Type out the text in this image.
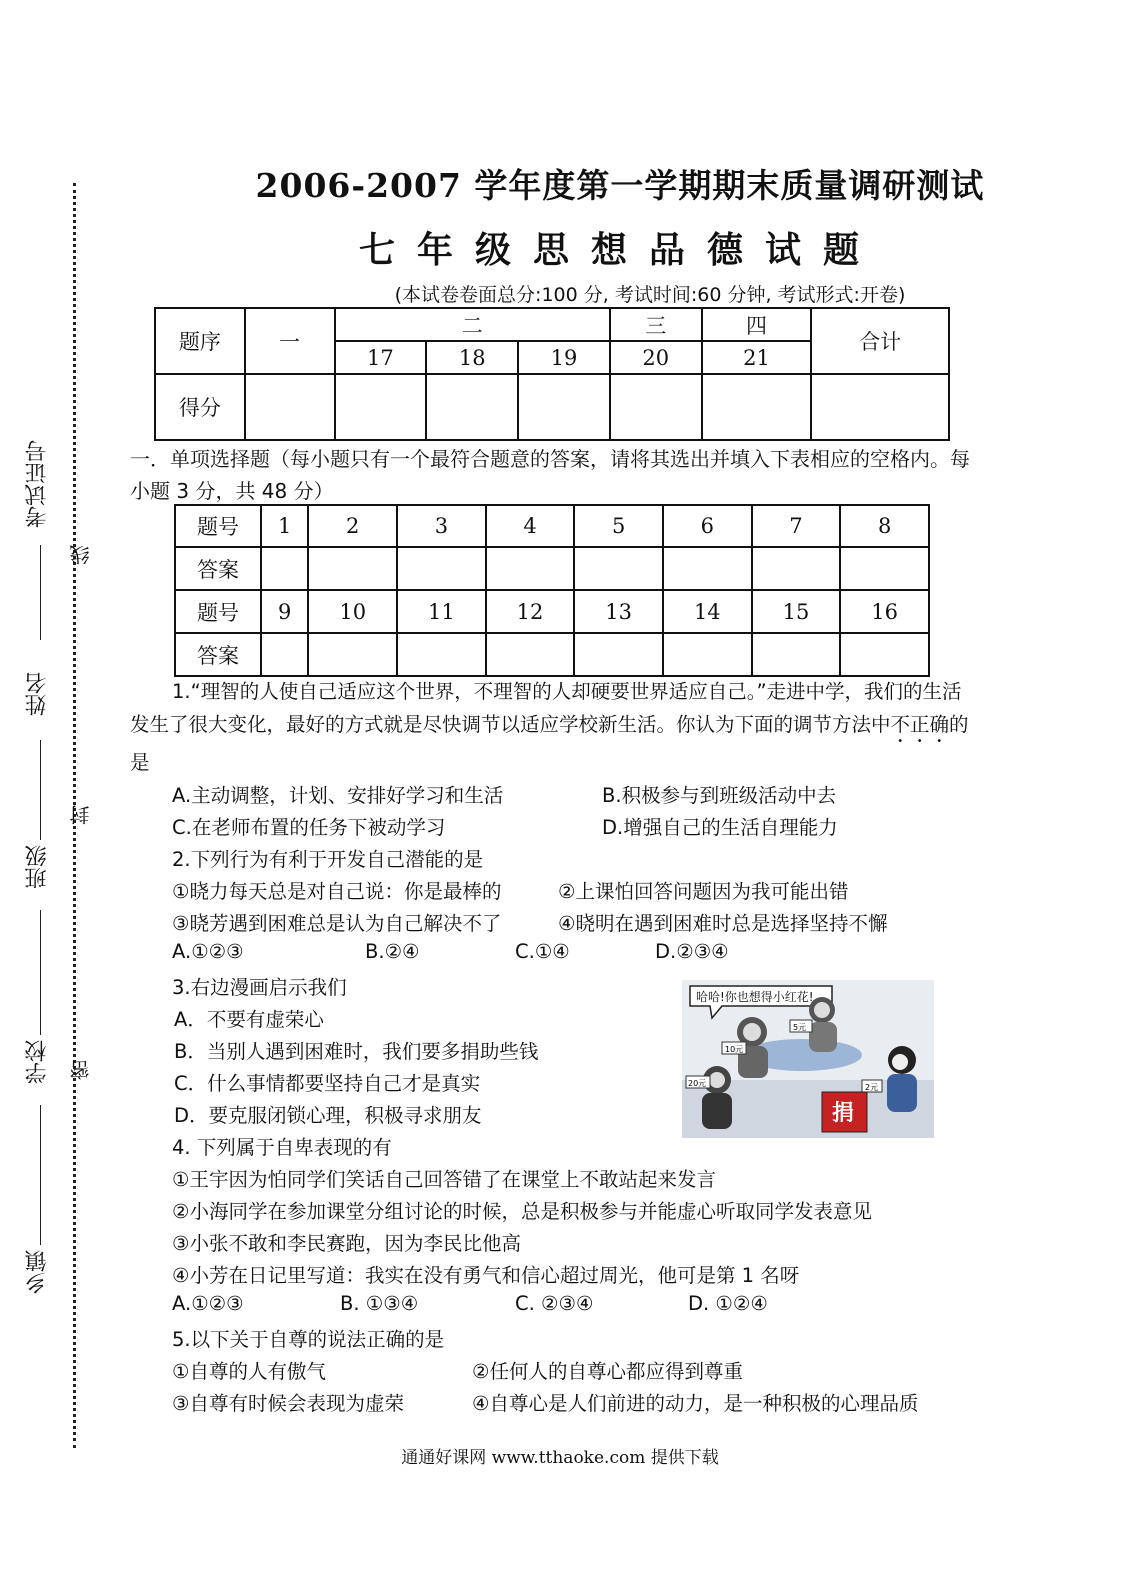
考试证号
姓名
班级
学校
乡镇
线
封
密
2006-2007 学年度第一学期期末质量调研测试
七年级思想品德试题
(本试卷卷面总分:100 分, 考试时间:60 分钟, 考试形式:开卷)
题序	一	二			三	四	合计
		17	18	19	20	21	
得分							
一．单项选择题（每小题只有一个最符合题意的答案，请将其选出并填入下表相应的空格内。每小题 3 分，共 48 分）
题号	1	2	3	4	5	6	7	8
答案								
题号	9	10	11	12	13	14	15	16
答案								
1.“理智的人使自己适应这个世界，不理智的人却硬要世界适应自己。”走进中学，我们的生活发生了很大变化，最好的方式就是尽快调节以适应学校新生活。你认为下面的调节方法中不正确的是
A.主动调整，计划、安排好学习和生活	B.积极参与到班级活动中去
C.在老师布置的任务下被动学习	D.增强自己的生活自理能力
2.下列行为有利于开发自己潜能的是
①晓力每天总是对自己说：你是最棒的	②上课怕回答问题因为我可能出错
③晓芳遇到困难总是认为自己解决不了	④晓明在遇到困难时总是选择坚持不懈
A.①②③	B.②④	C.①④	D.②③④
3.右边漫画启示我们
A．不要有虚荣心
B．当别人遇到困难时，我们要多捐助些钱
C．什么事情都要坚持自己才是真实
D．要克服闭锁心理，积极寻求朋友
哈哈!你也想得小红花!
10元
5元
20元	2元
捐
4. 下列属于自卑表现的有
①王宇因为怕同学们笑话自己回答错了在课堂上不敢站起来发言
②小海同学在参加课堂分组讨论的时候，总是积极参与并能虚心听取同学发表意见
③小张不敢和李民赛跑，因为李民比他高
④小芳在日记里写道：我实在没有勇气和信心超过周光，他可是第 1 名呀
A.①②③	B. ①③④	C. ②③④	D. ①②④
5.以下关于自尊的说法正确的是
①自尊的人有傲气	②任何人的自尊心都应得到尊重
③自尊有时候会表现为虚荣	④自尊心是人们前进的动力，是一种积极的心理品质
通通好课网 www.tthaoke.com 提供下载
